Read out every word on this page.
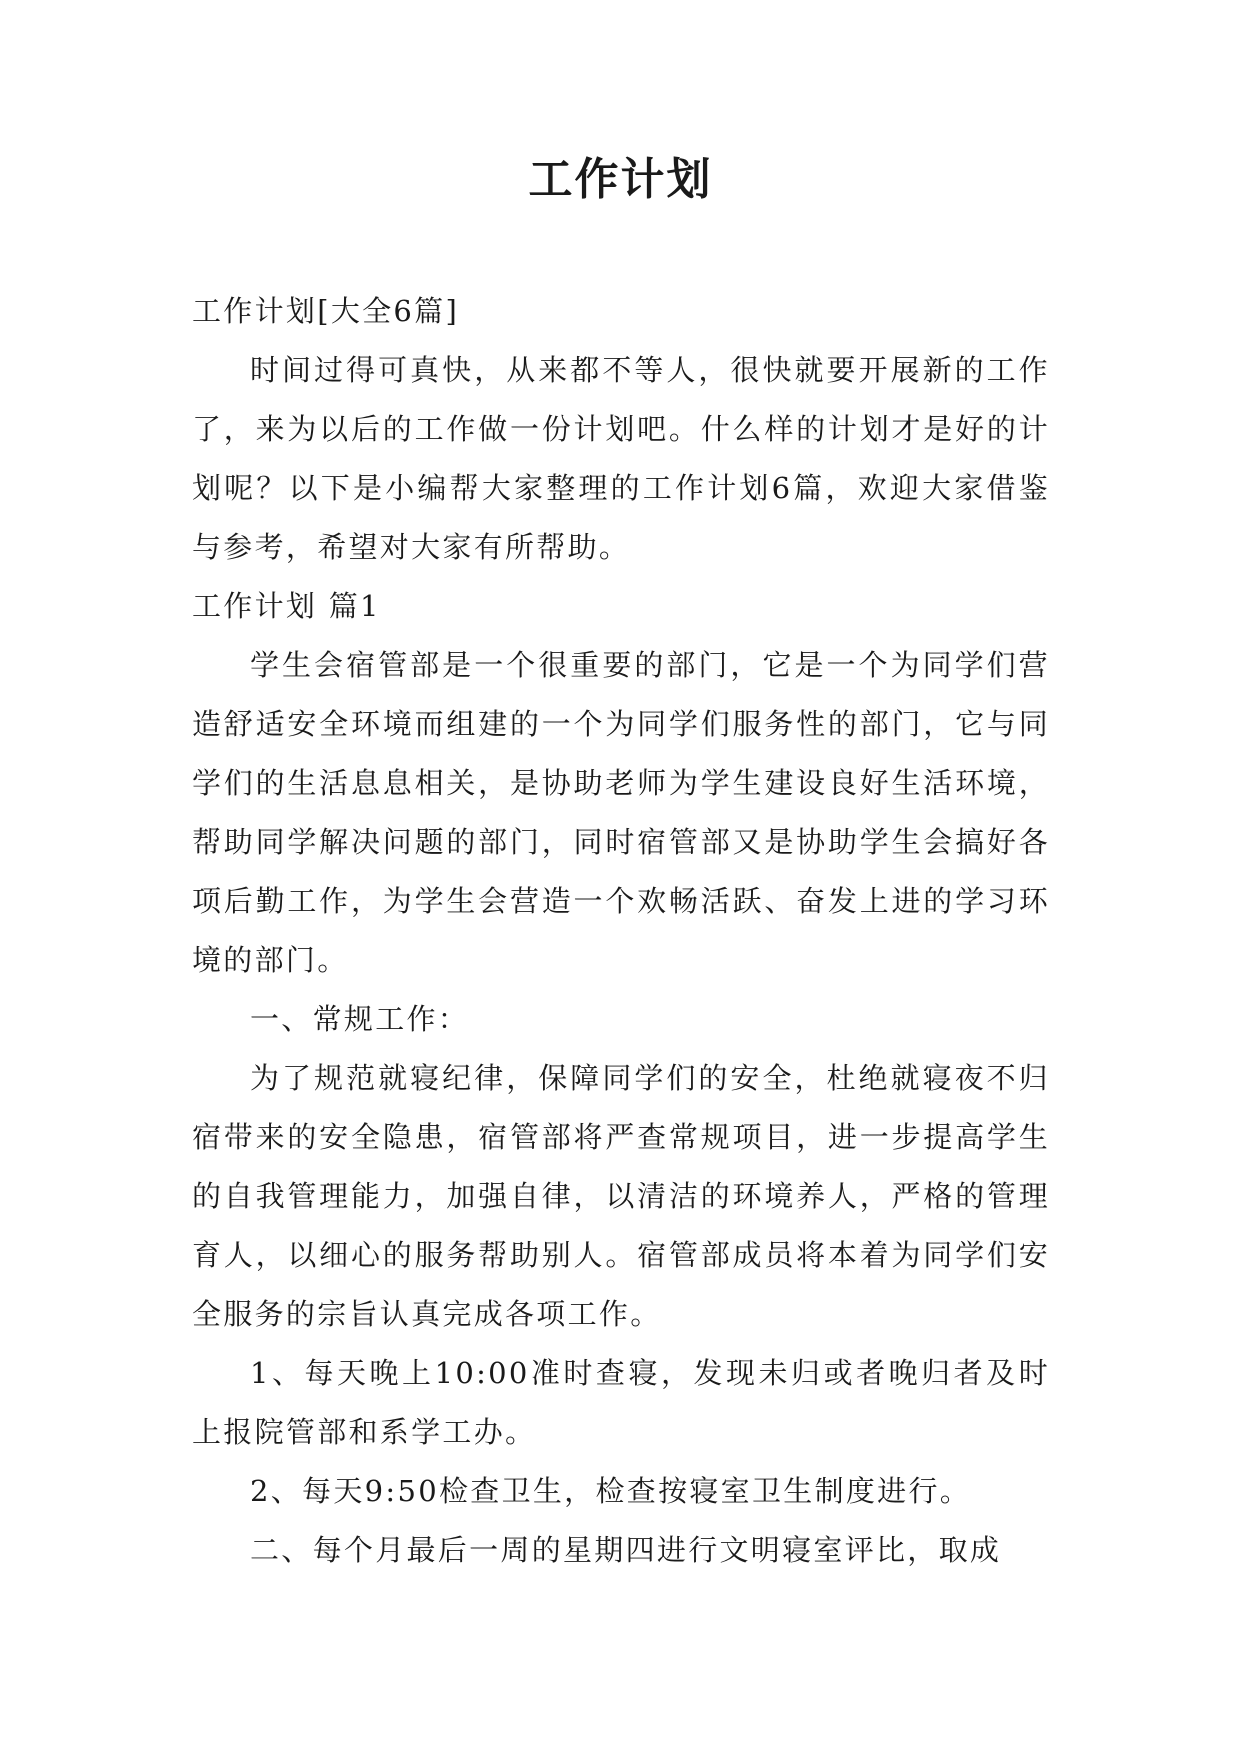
工作计划

工作计划[大全6篇]

时间过得可真快，从来都不等人，很快就要开展新的工作了，来为以后的工作做一份计划吧。什么样的计划才是好的计划呢？以下是小编帮大家整理的工作计划6篇，欢迎大家借鉴与参考，希望对大家有所帮助。

工作计划 篇1

学生会宿管部是一个很重要的部门，它是一个为同学们营造舒适安全环境而组建的一个为同学们服务性的部门，它与同学们的生活息息相关，是协助老师为学生建设良好生活环境，帮助同学解决问题的部门，同时宿管部又是协助学生会搞好各项后勤工作，为学生会营造一个欢畅活跃、奋发上进的学习环境的部门。

一、常规工作：

为了规范就寝纪律，保障同学们的安全，杜绝就寝夜不归宿带来的安全隐患，宿管部将严查常规项目，进一步提高学生的自我管理能力，加强自律，以清洁的环境养人，严格的管理育人，以细心的服务帮助别人。宿管部成员将本着为同学们安全服务的宗旨认真完成各项工作。

1、每天晚上10:00准时查寝，发现未归或者晚归者及时上报院管部和系学工办。

2、每天9:50检查卫生，检查按寝室卫生制度进行。

二、每个月最后一周的星期四进行文明寝室评比，取成
